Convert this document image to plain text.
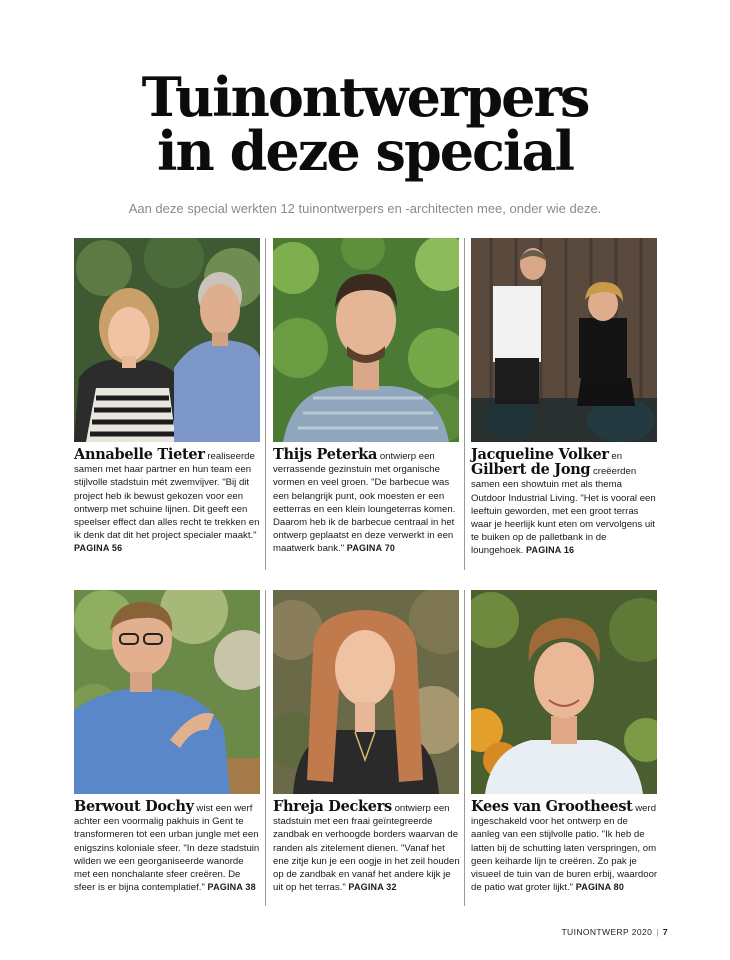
Tuinontwerpers
in deze special
Aan deze special werkten 12 tuinontwerpers en -architecten mee, onder wie deze.
Annabelle Tieter realiseerde samen met haar partner en hun team een stijlvolle stadstuin mét zwemvijver. "Bij dit project heb ik bewust gekozen voor een ontwerp met schuine lijnen. Dit geeft een speelser effect dan alles recht te trekken en ik denk dat dit het project specialer maakt." PAGINA 56
Thijs Peterka ontwierp een verrassende gezinstuin met organische vormen en veel groen. "De barbecue was een belangrijk punt, ook moesten er een eetterras en een klein loungeterras komen. Daarom heb ik de barbecue centraal in het ontwerp geplaatst en deze verwerkt in een maatwerk bank." PAGINA 70
Jacqueline Volker en Gilbert de Jong creëerden samen een showtuin met als thema Outdoor Industrial Living. "Het is vooral een leeftuin geworden, met een groot terras waar je heerlijk kunt eten om vervolgens uit te buiken op de palletbank in de loungehoek. PAGINA 16
Berwout Dochy wist een werf achter een voormalig pakhuis in Gent te transformeren tot een urban jungle met een enigszins koloniale sfeer. "In deze stadstuin wilden we een georganiseerde wanorde met een nonchalante sfeer creëren. De sfeer is er bijna contemplatief." PAGINA 38
Fhreja Deckers ontwierp een stadstuin met een fraai geïntegreerde zandbak en verhoogde borders waarvan de randen als zitelement dienen. "Vanaf het ene zitje kun je een oogje in het zeil houden op de zandbak en vanaf het andere kijk je uit op het terras." PAGINA 32
Kees van Grootheest werd ingeschakeld voor het ontwerp en de aanleg van een stijlvolle patio. "Ik heb de latten bij de schutting laten verspringen, om geen keiharde lijn te creëren. Zo pak je visueel de tuin van de buren erbij, waardoor de patio wat groter lijkt." PAGINA 80
TUINONTWERP 2020 | 7
